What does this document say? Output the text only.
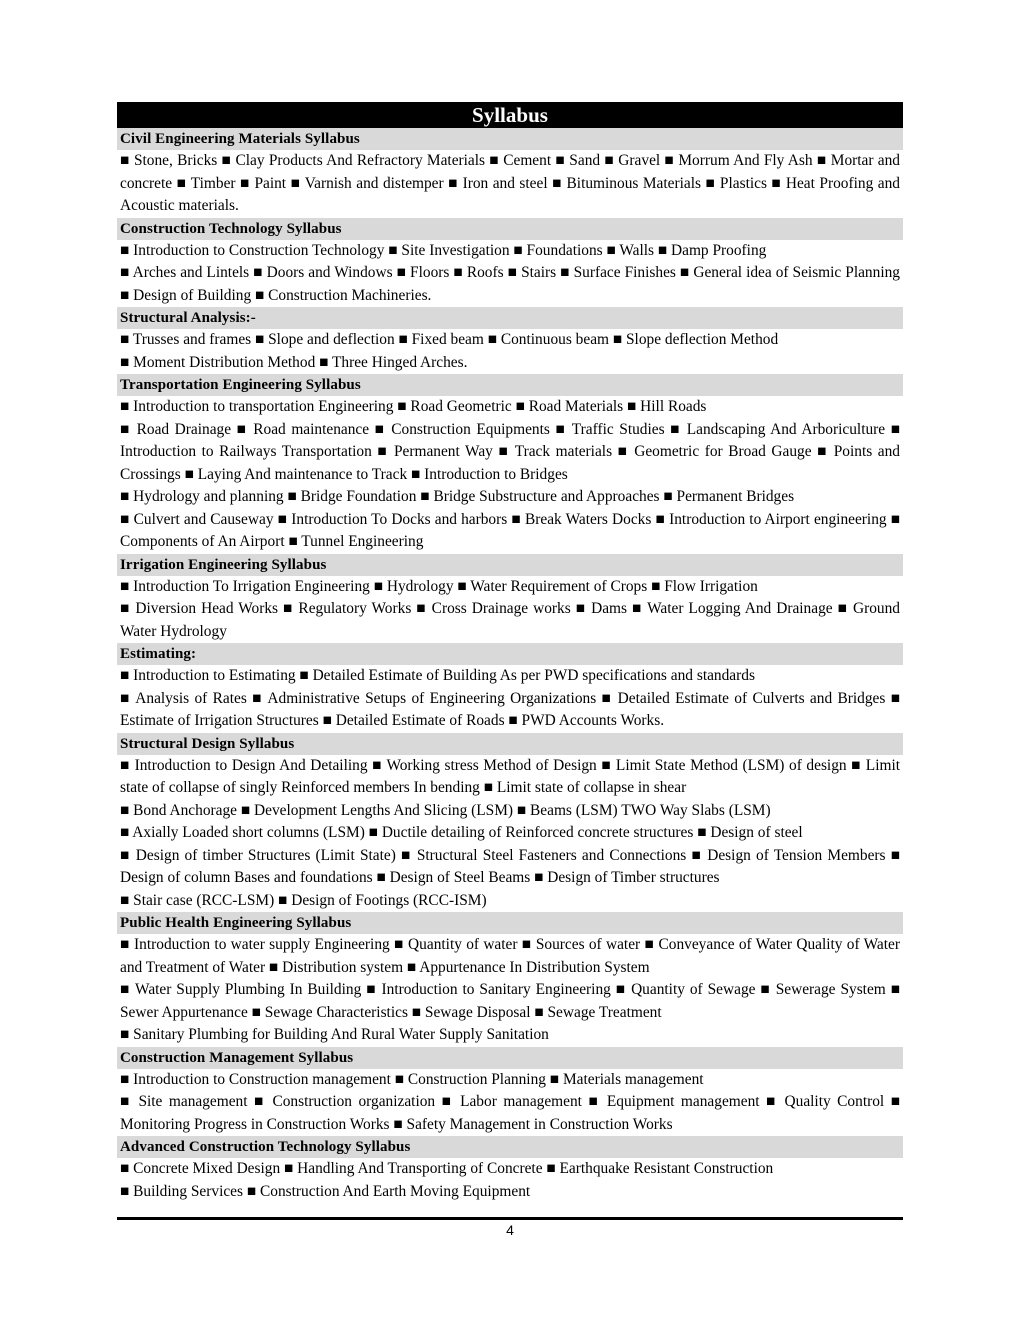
Syllabus
Civil Engineering Materials Syllabus
■ Stone, Bricks ■ Clay Products And Refractory Materials ■ Cement ■ Sand ■ Gravel ■ Morrum And Fly Ash ■ Mortar and concrete ■ Timber ■ Paint ■ Varnish and distemper ■ Iron and steel ■ Bituminous Materials ■ Plastics ■ Heat Proofing and Acoustic materials.
Construction Technology Syllabus
■ Introduction to Construction Technology ■ Site Investigation ■ Foundations ■ Walls ■ Damp Proofing
■ Arches and Lintels ■ Doors and Windows ■ Floors ■ Roofs ■ Stairs ■ Surface Finishes ■ General idea of Seismic Planning ■ Design of Building ■ Construction Machineries.
Structural Analysis:-
■ Trusses and frames ■ Slope and deflection ■ Fixed beam ■ Continuous beam ■ Slope deflection Method
■ Moment Distribution Method ■ Three Hinged Arches.
Transportation Engineering Syllabus
■ Introduction to transportation Engineering ■ Road Geometric ■ Road Materials ■ Hill Roads
■ Road Drainage ■ Road maintenance ■ Construction Equipments ■ Traffic Studies ■ Landscaping And Arboriculture ■ Introduction to Railways Transportation ■ Permanent Way ■ Track materials ■ Geometric for Broad Gauge ■ Points and Crossings ■ Laying And maintenance to Track ■ Introduction to Bridges
■ Hydrology and planning ■ Bridge Foundation ■ Bridge Substructure and Approaches ■ Permanent Bridges
■ Culvert and Causeway ■ Introduction To Docks and harbors ■ Break Waters Docks ■ Introduction to Airport engineering ■ Components of An Airport ■ Tunnel Engineering
Irrigation Engineering Syllabus
■ Introduction To Irrigation Engineering ■ Hydrology ■ Water Requirement of Crops ■ Flow Irrigation
■ Diversion Head Works ■ Regulatory Works ■ Cross Drainage works ■ Dams ■ Water Logging And Drainage ■ Ground Water Hydrology
Estimating:
■ Introduction to Estimating ■ Detailed Estimate of Building As per PWD specifications and standards
■ Analysis of Rates ■ Administrative Setups of Engineering Organizations ■ Detailed Estimate of Culverts and Bridges ■ Estimate of Irrigation Structures ■ Detailed Estimate of Roads ■ PWD Accounts Works.
Structural Design Syllabus
■ Introduction to Design And Detailing ■ Working stress Method of Design ■ Limit State Method (LSM) of design ■ Limit state of collapse of singly Reinforced members In bending ■ Limit state of collapse in shear
■ Bond Anchorage ■ Development Lengths And Slicing (LSM) ■ Beams (LSM) TWO Way Slabs (LSM)
■ Axially Loaded short columns (LSM) ■ Ductile detailing of Reinforced concrete structures ■ Design of steel
■ Design of timber Structures (Limit State) ■ Structural Steel Fasteners and Connections ■ Design of Tension Members ■ Design of column Bases and foundations ■ Design of Steel Beams ■ Design of Timber structures
■ Stair case (RCC-LSM) ■ Design of Footings (RCC-ISM)
Public Health Engineering Syllabus
■ Introduction to water supply Engineering ■ Quantity of water ■ Sources of water ■ Conveyance of Water Quality of Water and Treatment of Water ■ Distribution system ■ Appurtenance In Distribution System
■ Water Supply Plumbing In Building ■ Introduction to Sanitary Engineering ■ Quantity of Sewage ■ Sewerage System ■ Sewer Appurtenance ■ Sewage Characteristics ■ Sewage Disposal ■ Sewage Treatment
■ Sanitary Plumbing for Building And Rural Water Supply Sanitation
Construction Management Syllabus
■ Introduction to Construction management ■ Construction Planning ■ Materials management
■ Site management ■ Construction organization ■ Labor management ■ Equipment management ■ Quality Control ■ Monitoring Progress in Construction Works ■ Safety Management in Construction Works
Advanced Construction Technology Syllabus
■ Concrete Mixed Design ■ Handling And Transporting of Concrete ■ Earthquake Resistant Construction
■ Building Services ■ Construction And Earth Moving Equipment
4
